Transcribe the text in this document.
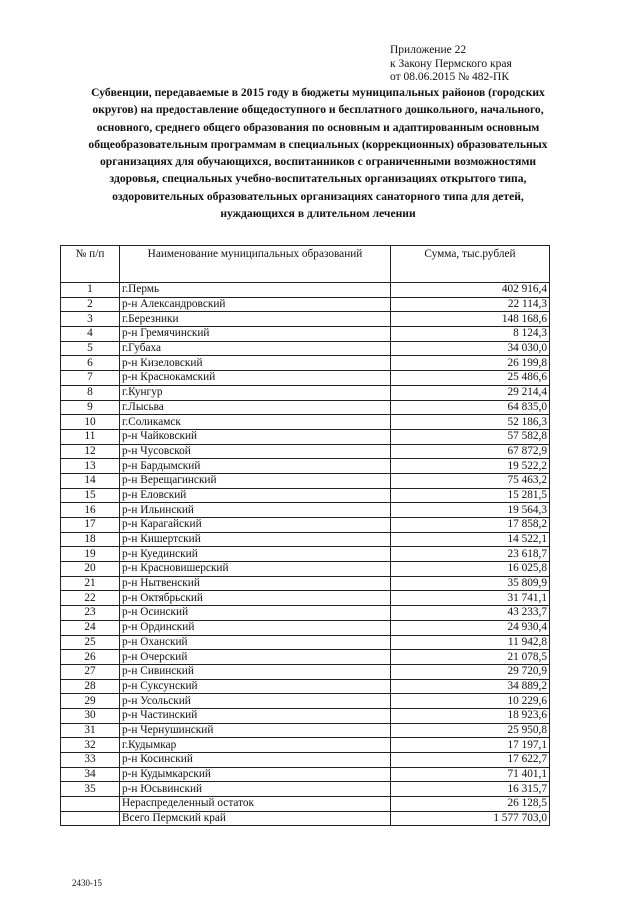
Приложение 22
к Закону Пермского края
от 08.06.2015 № 482-ПК
Субвенции, передаваемые в 2015 году в бюджеты муниципальных районов (городских
округов) на предоставление общедоступного и бесплатного дошкольного, начального,
основного, среднего общего образования по основным и адаптированным основным
общеобразовательным программам в специальных (коррекционных) образовательных
организациях для обучающихся, воспитанников с ограниченными возможностями
здоровья, специальных учебно-воспитательных организациях открытого типа,
оздоровительных образовательных организациях санаторного типа для детей,
нуждающихся в длительном лечении
№ п/п	Наименование муниципальных образований	Сумма, тыс.рублей
1	г.Пермь	402 916,4
2	р-н Александровский	22 114,3
3	г.Березники	148 168,6
4	р-н Гремячинский	8 124,3
5	г.Губаха	34 030,0
6	р-н Кизеловский	26 199,8
7	р-н Краснокамский	25 486,6
8	г.Кунгур	29 214,4
9	г.Лысьва	64 835,0
10	г.Соликамск	52 186,3
11	р-н Чайковский	57 582,8
12	р-н Чусовской	67 872,9
13	р-н Бардымский	19 522,2
14	р-н Верещагинский	75 463,2
15	р-н Еловский	15 281,5
16	р-н Ильинский	19 564,3
17	р-н Карагайский	17 858,2
18	р-н Кишертский	14 522,1
19	р-н Куединский	23 618,7
20	р-н Красновишерский	16 025,8
21	р-н Нытвенский	35 809,9
22	р-н Октябрьский	31 741,1
23	р-н Осинский	43 233,7
24	р-н Ординский	24 930,4
25	р-н Оханский	11 942,8
26	р-н Очерский	21 078,5
27	р-н Сивинский	29 720,9
28	р-н Суксунский	34 889,2
29	р-н Усольский	10 229,6
30	р-н Частинский	18 923,6
31	р-н Чернушинский	25 950,8
32	г.Кудымкар	17 197,1
33	р-н Косинский	17 622,7
34	р-н Кудымкарский	71 401,1
35	р-н Юсьвинский	16 315,7
	Нераспределенный остаток	26 128,5
	Всего Пермский край	1 577 703,0
2430-15
